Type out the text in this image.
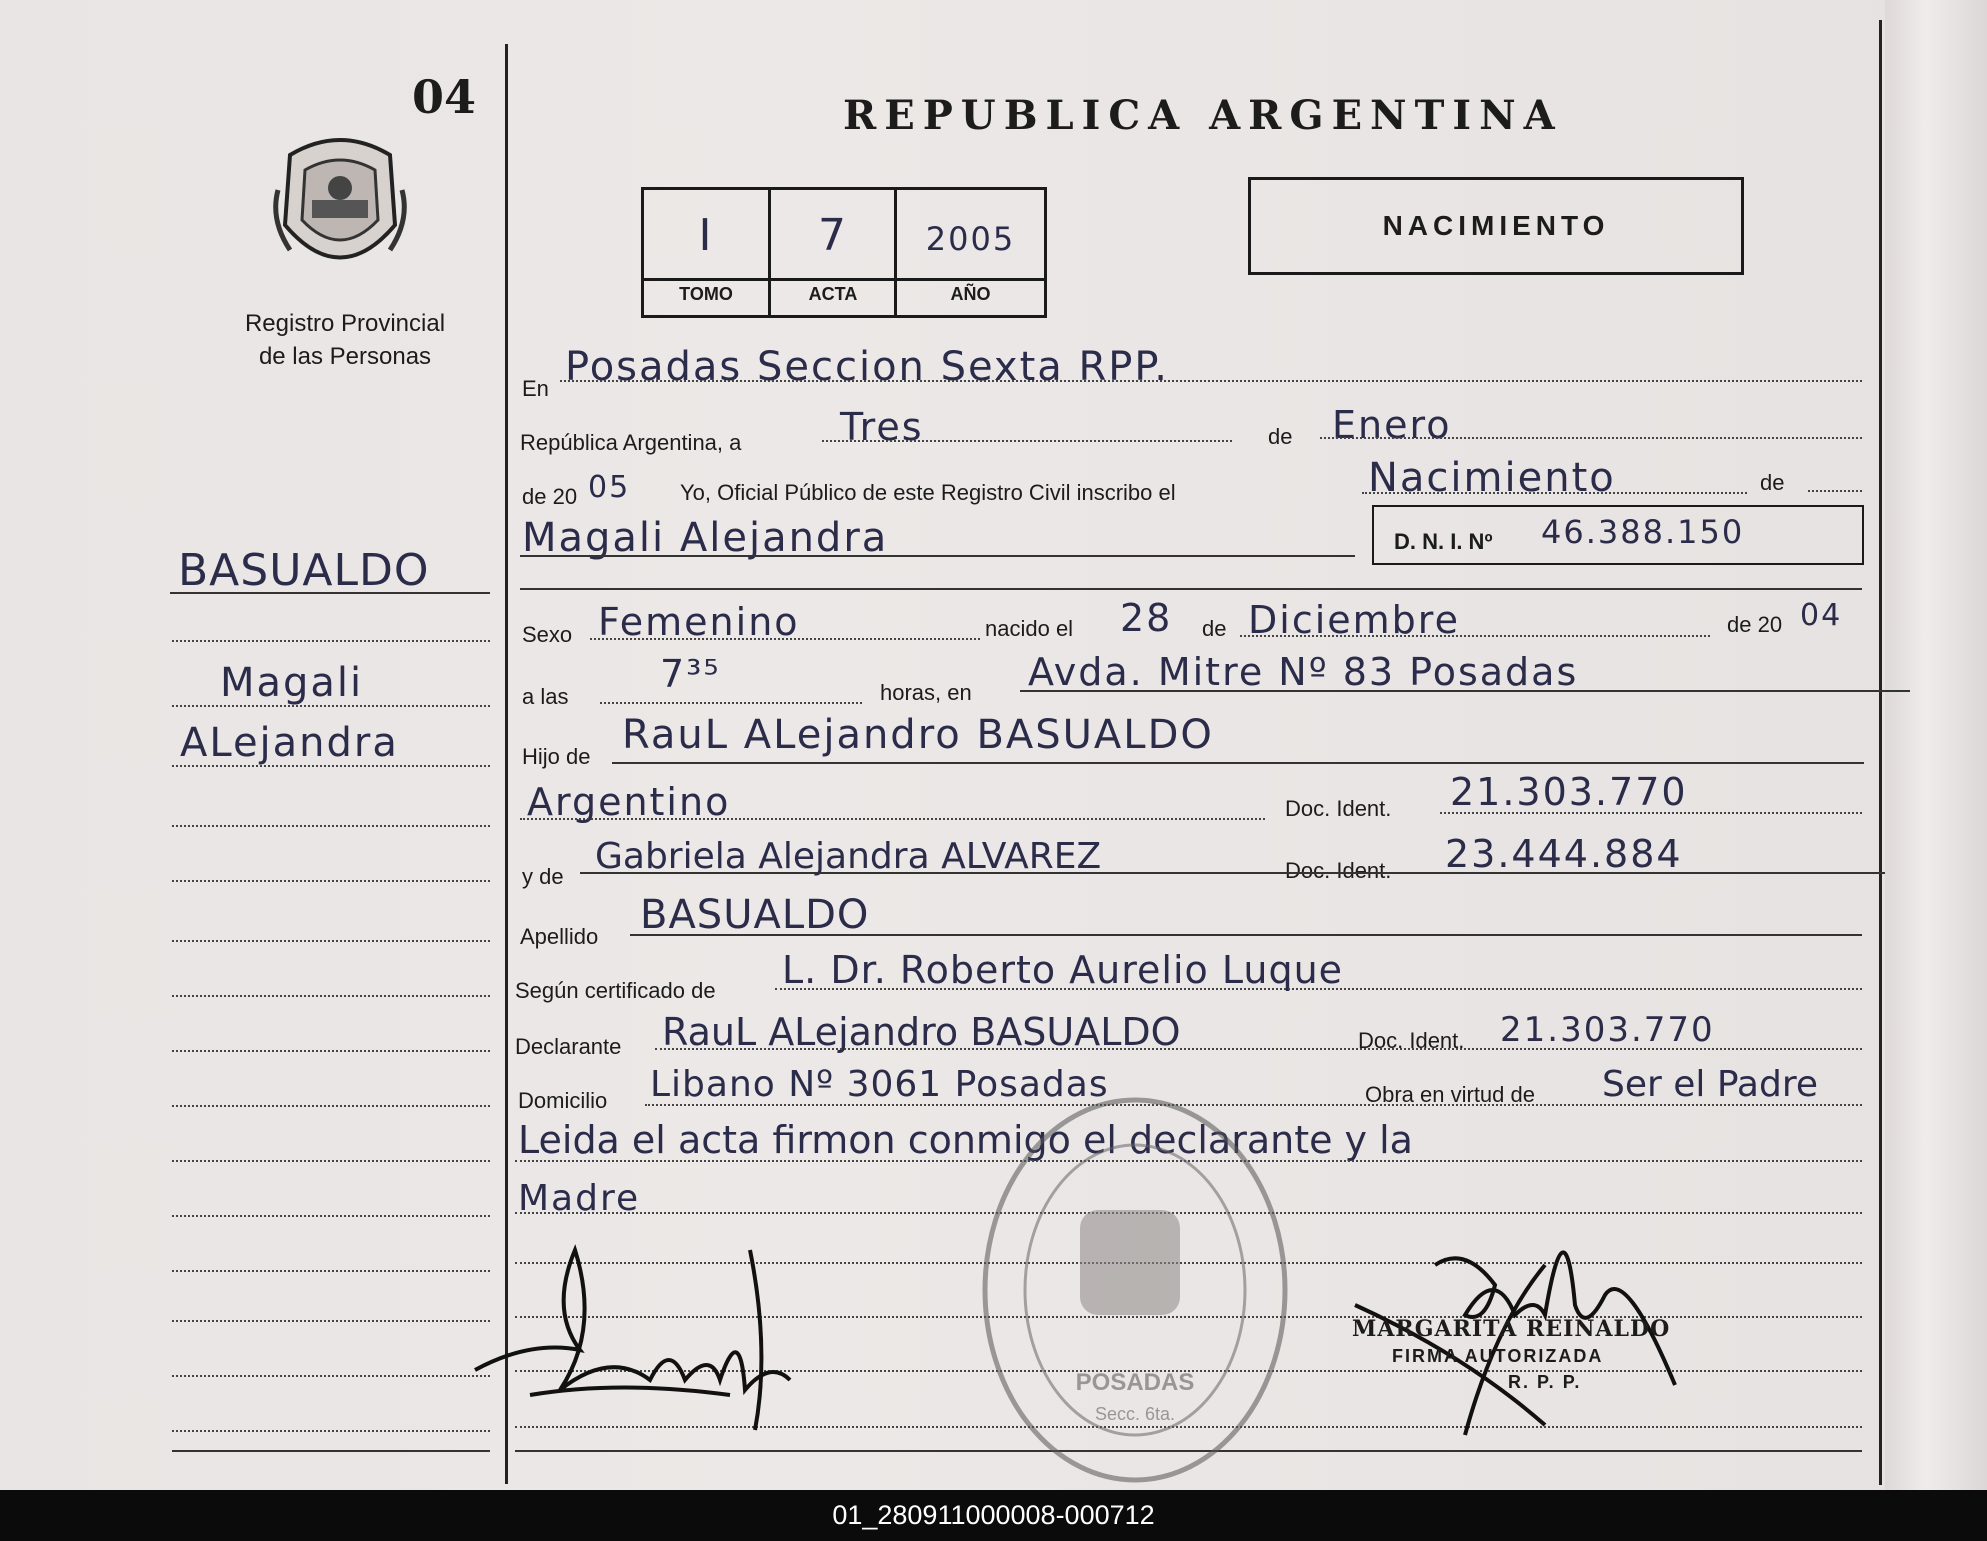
04
Registro Provincial
de las Personas
REPUBLICA ARGENTINA
I	7	2005
TOMO	ACTA	AÑO
NACIMIENTO
BASUALDO
Magali
ALejandra
En Posadas Seccion Sexta RPP.
República Argentina, a	Tres	de Enero
de 20 05 Yo, Oficial Público de este Registro Civil inscribo el	Nacimiento	de
Magali Alejandra	D. N. I. Nº 46.388.150
Sexo Femenino	nacido el 28 de Diciembre	de 20 04
a las
7³⁵	horas, en Avda. Mitre Nº 83 Posadas
Hijo de RauL ALejandro BASUALDO
Argentino	Doc. Ident. 21.303.770
y de Gabriela Alejandra ALVAREZ	Doc. Ident. 23.444.884
Apellido BASUALDO
Según certificado de L. Dr. Roberto Aurelio Luque
Declarante RauL ALejandro BASUALDO	Doc. Ident. 21.303.770
Domicilio Libano Nº 3061 Posadas	Obra en virtud de Ser el Padre
Leida el acta firmon conmigo el declarante y la
Madre
POSADAS
Secc. 6ta.
MARGARITA REINALDO
FIRMA AUTORIZADA
R. P. P.
01_280911000008-000712
